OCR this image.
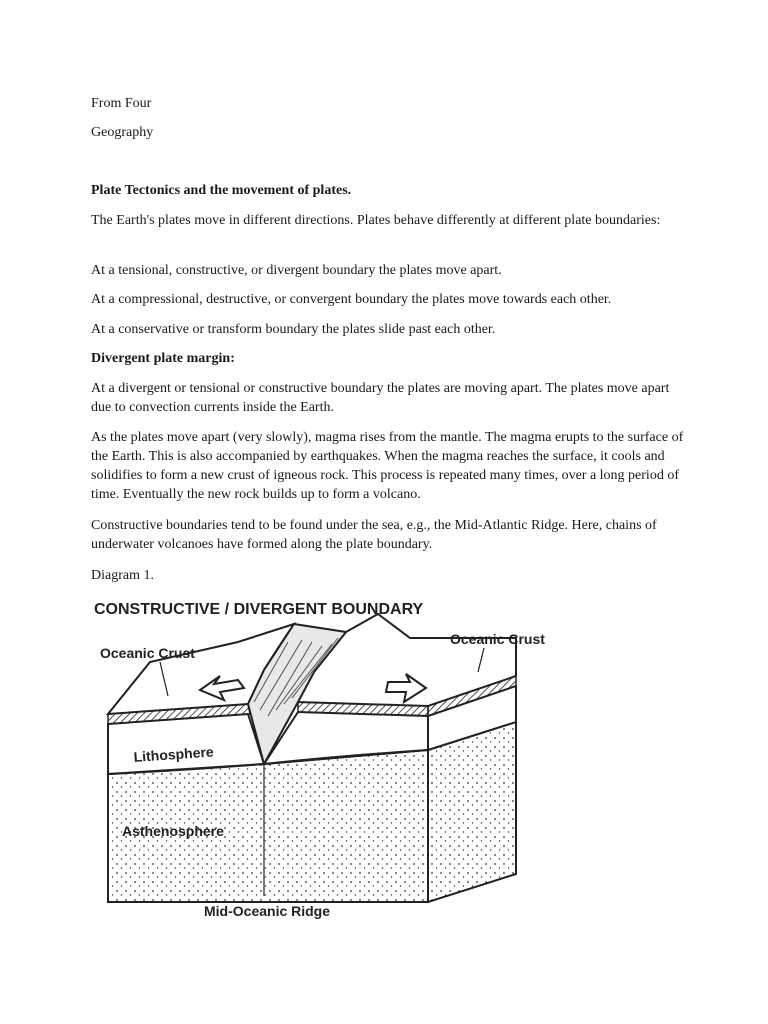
From Four

Geography

Plate Tectonics and the movement of plates.

The Earth's plates move in different directions. Plates behave differently at different plate boundaries:

At a tensional, constructive, or divergent boundary the plates move apart.

At a compressional, destructive, or convergent boundary the plates move towards each other.

At a conservative or transform boundary the plates slide past each other.

Divergent plate margin:

At a divergent or tensional or constructive boundary the plates are moving apart. The plates move apart due to convection currents inside the Earth.

As the plates move apart (very slowly), magma rises from the mantle. The magma erupts to the surface of the Earth. This is also accompanied by earthquakes. When the magma reaches the surface, it cools and solidifies to form a new crust of igneous rock. This process is repeated many times, over a long period of time. Eventually the new rock builds up to form a volcano.

Constructive boundaries tend to be found under the sea, e.g., the Mid-Atlantic Ridge. Here, chains of underwater volcanoes have formed along the plate boundary.

Diagram 1.

CONSTRUCTIVE / DIVERGENT BOUNDARY
Oceanic Crust
Oceanic Crust
Lithosphere
Asthenosphere
Mid-Oceanic Ridge
